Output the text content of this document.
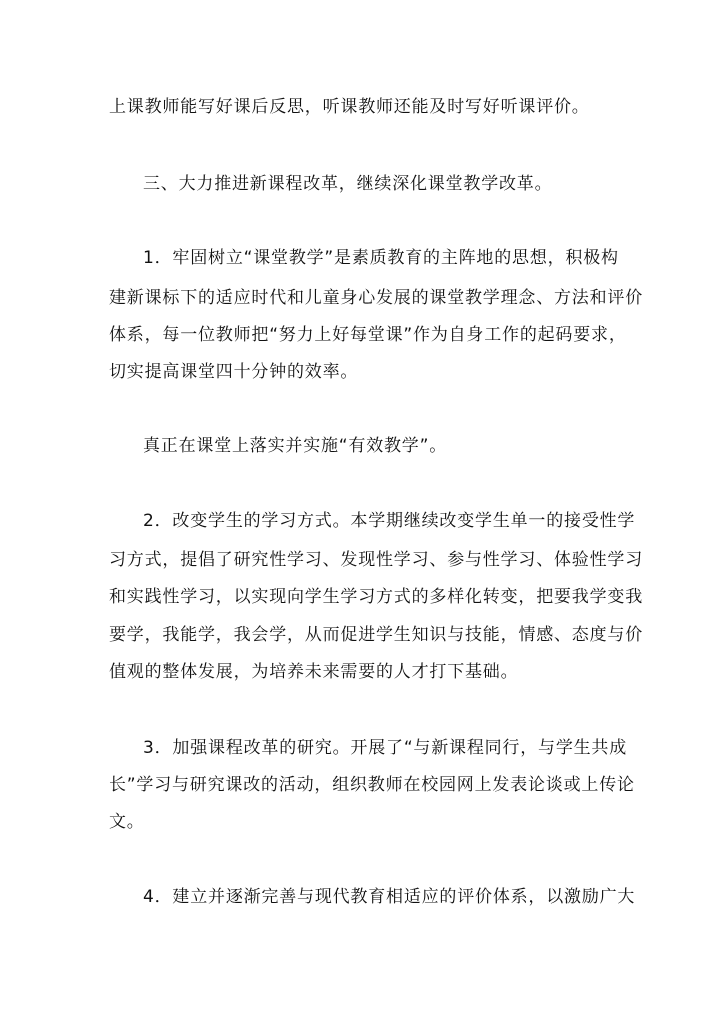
上课教师能写好课后反思，听课教师还能及时写好听课评价。
三、大力推进新课程改革，继续深化课堂教学改革。
1．牢固树立“课堂教学”是素质教育的主阵地的思想，积极构
建新课标下的适应时代和儿童身心发展的课堂教学理念、方法和评价
体系，每一位教师把“努力上好每堂课”作为自身工作的起码要求，
切实提高课堂四十分钟的效率。
真正在课堂上落实并实施“有效教学”。
2．改变学生的学习方式。本学期继续改变学生单一的接受性学
习方式，提倡了研究性学习、发现性学习、参与性学习、体验性学习
和实践性学习，以实现向学生学习方式的多样化转变，把要我学变我
要学，我能学，我会学，从而促进学生知识与技能，情感、态度与价
值观的整体发展，为培养未来需要的人才打下基础。
3．加强课程改革的研究。开展了“与新课程同行，与学生共成
长”学习与研究课改的活动，组织教师在校园网上发表论谈或上传论
文。
4．建立并逐渐完善与现代教育相适应的评价体系，以激励广大
